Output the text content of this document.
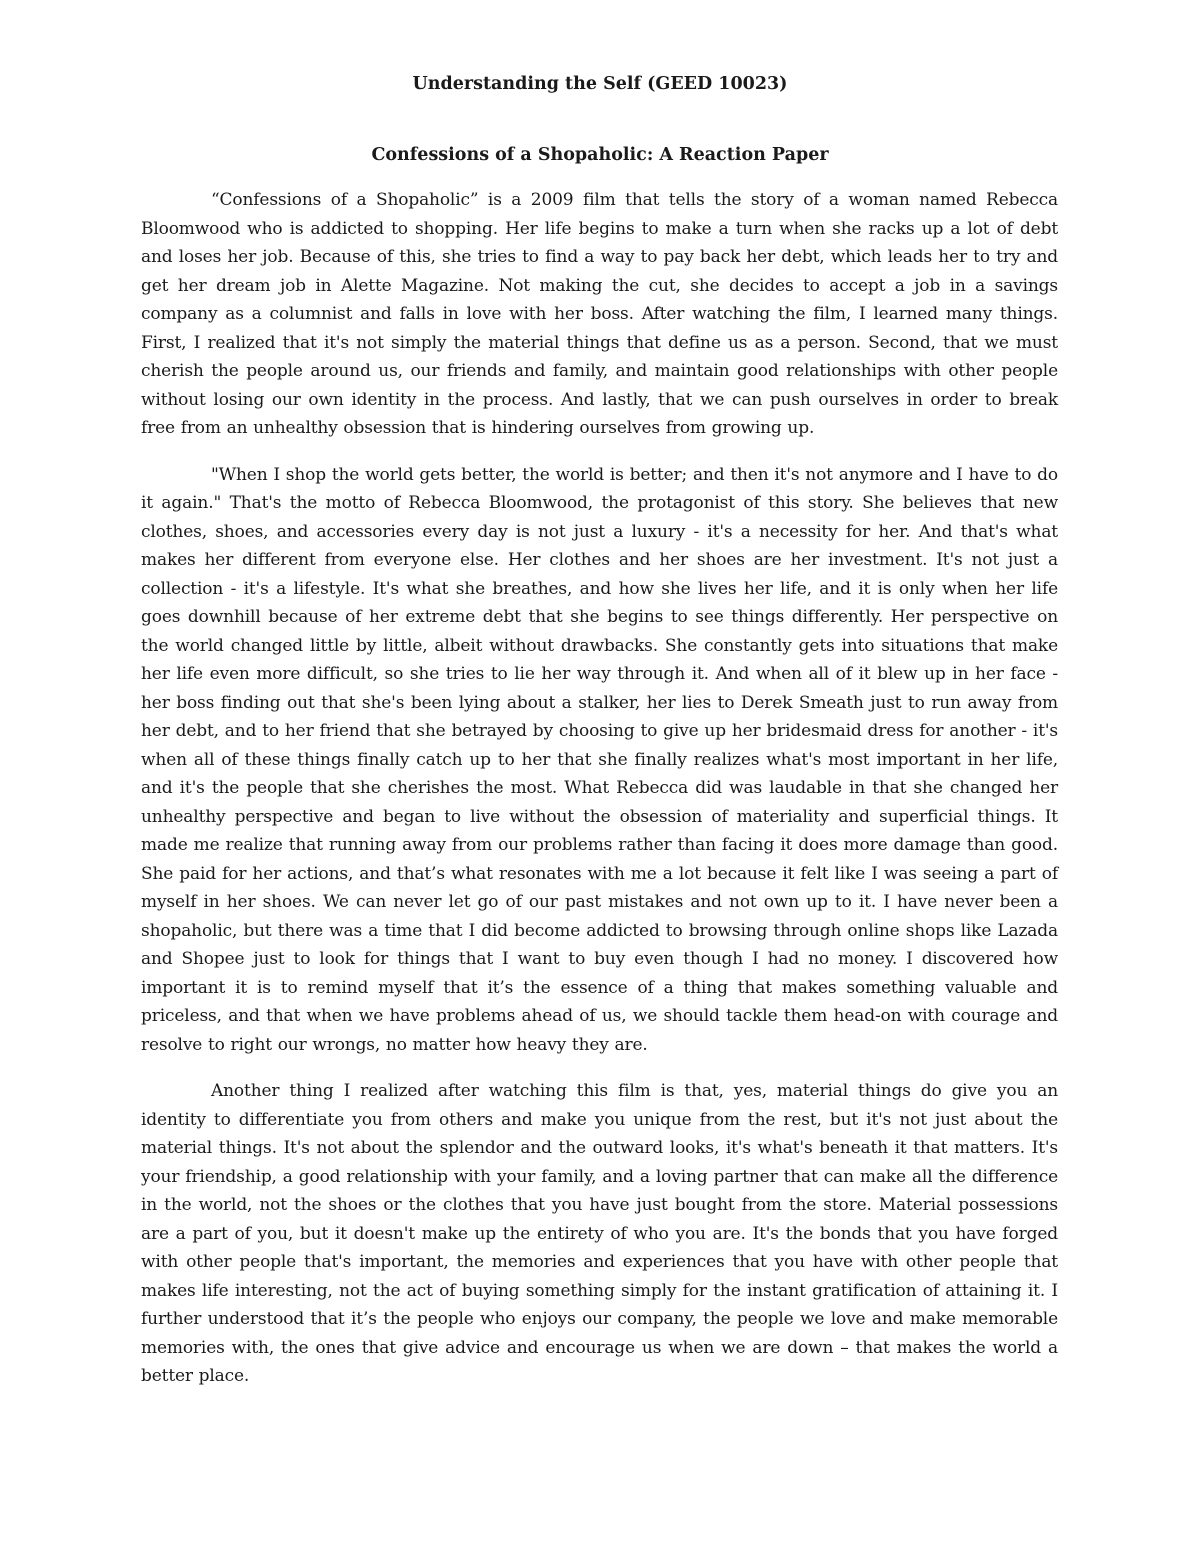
Understanding the Self (GEED 10023)
Confessions of a Shopaholic: A Reaction Paper

“Confessions of a Shopaholic” is a 2009 film that tells the story of a woman named Rebecca Bloomwood who is addicted to shopping. Her life begins to make a turn when she racks up a lot of debt and loses her job. Because of this, she tries to find a way to pay back her debt, which leads her to try and get her dream job in Alette Magazine. Not making the cut, she decides to accept a job in a savings company as a columnist and falls in love with her boss. After watching the film, I learned many things. First, I realized that it's not simply the material things that define us as a person. Second, that we must cherish the people around us, our friends and family, and maintain good relationships with other people without losing our own identity in the process. And lastly, that we can push ourselves in order to break free from an unhealthy obsession that is hindering ourselves from growing up.

"When I shop the world gets better, the world is better; and then it's not anymore and I have to do it again." That's the motto of Rebecca Bloomwood, the protagonist of this story. She believes that new clothes, shoes, and accessories every day is not just a luxury - it's a necessity for her. And that's what makes her different from everyone else. Her clothes and her shoes are her investment. It's not just a collection - it's a lifestyle. It's what she breathes, and how she lives her life, and it is only when her life goes downhill because of her extreme debt that she begins to see things differently. Her perspective on the world changed little by little, albeit without drawbacks. She constantly gets into situations that make her life even more difficult, so she tries to lie her way through it. And when all of it blew up in her face - her boss finding out that she's been lying about a stalker, her lies to Derek Smeath just to run away from her debt, and to her friend that she betrayed by choosing to give up her bridesmaid dress for another - it's when all of these things finally catch up to her that she finally realizes what's most important in her life, and it's the people that she cherishes the most. What Rebecca did was laudable in that she changed her unhealthy perspective and began to live without the obsession of materiality and superficial things. It made me realize that running away from our problems rather than facing it does more damage than good. She paid for her actions, and that’s what resonates with me a lot because it felt like I was seeing a part of myself in her shoes. We can never let go of our past mistakes and not own up to it. I have never been a shopaholic, but there was a time that I did become addicted to browsing through online shops like Lazada and Shopee just to look for things that I want to buy even though I had no money. I discovered how important it is to remind myself that it’s the essence of a thing that makes something valuable and priceless, and that when we have problems ahead of us, we should tackle them head-on with courage and resolve to right our wrongs, no matter how heavy they are.

Another thing I realized after watching this film is that, yes, material things do give you an identity to differentiate you from others and make you unique from the rest, but it's not just about the material things. It's not about the splendor and the outward looks, it's what's beneath it that matters. It's your friendship, a good relationship with your family, and a loving partner that can make all the difference in the world, not the shoes or the clothes that you have just bought from the store. Material possessions are a part of you, but it doesn't make up the entirety of who you are. It's the bonds that you have forged with other people that's important, the memories and experiences that you have with other people that makes life interesting, not the act of buying something simply for the instant gratification of attaining it. I further understood that it’s the people who enjoys our company, the people we love and make memorable memories with, the ones that give advice and encourage us when we are down – that makes the world a better place.
